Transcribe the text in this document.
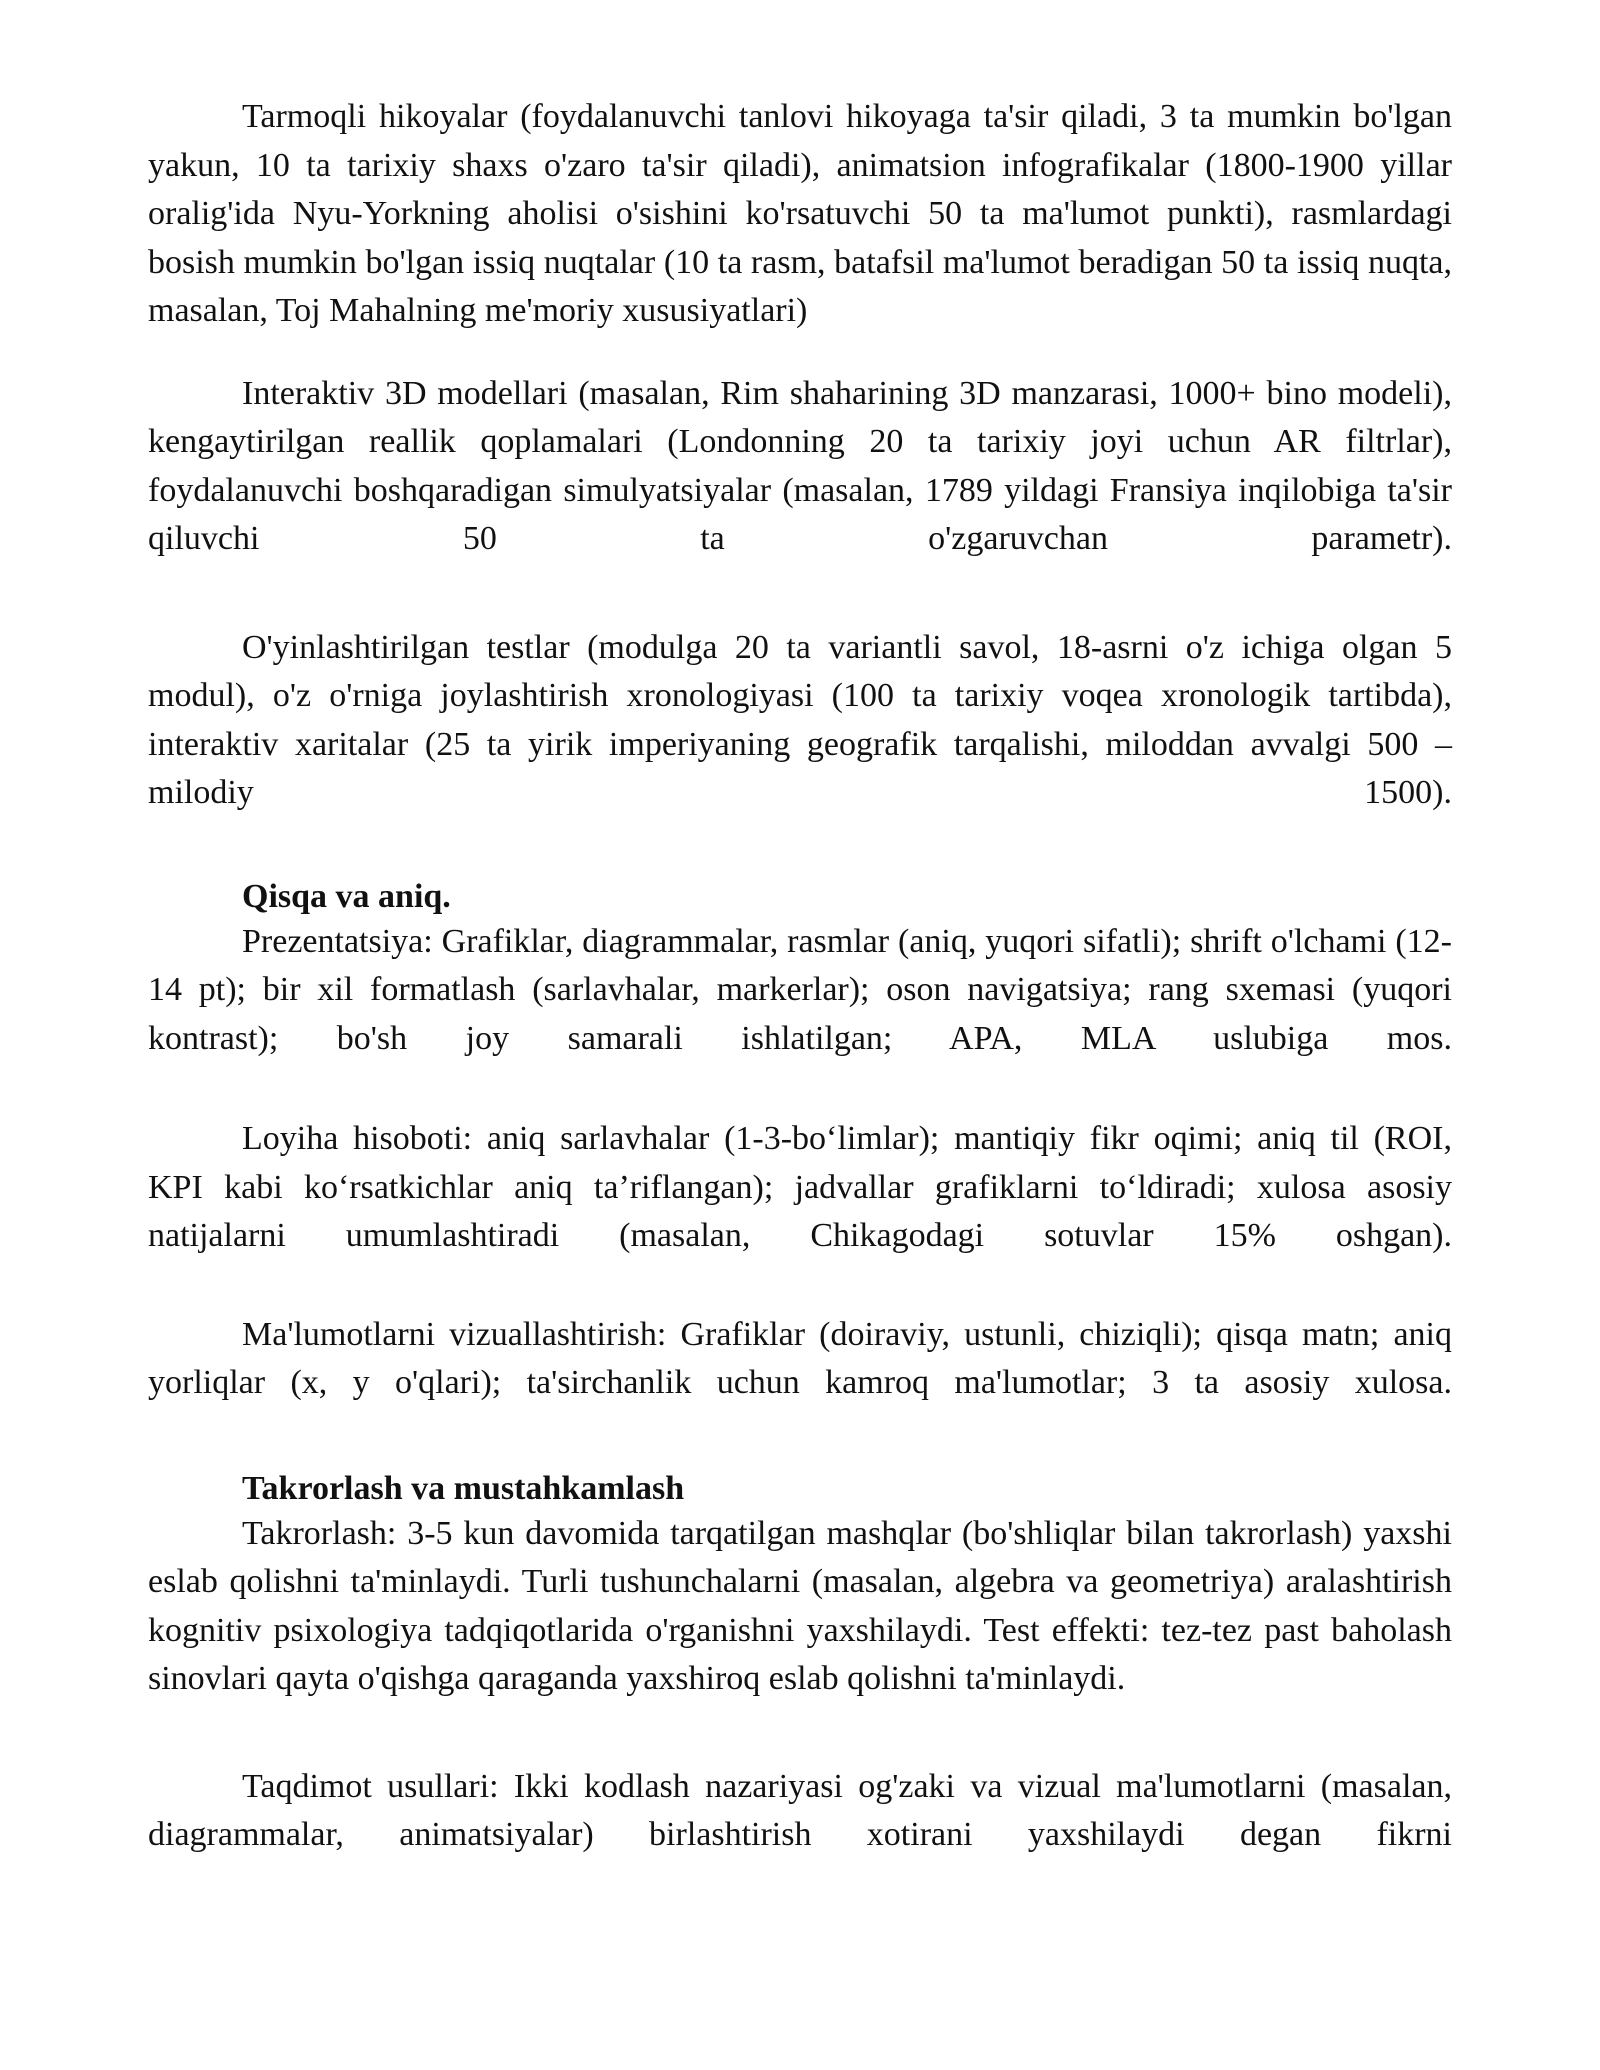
Tarmoqli hikoyalar (foydalanuvchi tanlovi hikoyaga ta'sir qiladi, 3 ta mumkin bo'lgan yakun, 10 ta tarixiy shaxs o'zaro ta'sir qiladi), animatsion infografikalar (1800-1900 yillar oralig'ida Nyu-Yorkning aholisi o'sishini ko'rsatuvchi 50 ta ma'lumot punkti), rasmlardagi bosish mumkin bo'lgan issiq nuqtalar (10 ta rasm, batafsil ma'lumot beradigan 50 ta issiq nuqta, masalan, Toj Mahalning me'moriy xususiyatlari)

Interaktiv 3D modellari (masalan, Rim shaharining 3D manzarasi, 1000+ bino modeli), kengaytirilgan reallik qoplamalari (Londonning 20 ta tarixiy joyi uchun AR filtrlar), foydalanuvchi boshqaradigan simulyatsiyalar (masalan, 1789 yildagi Fransiya inqilobiga ta'sir qiluvchi 50 ta o'zgaruvchan parametr).

O'yinlashtirilgan testlar (modulga 20 ta variantli savol, 18-asrni o'z ichiga olgan 5 modul), o'z o'rniga joylashtirish xronologiyasi (100 ta tarixiy voqea xronologik tartibda), interaktiv xaritalar (25 ta yirik imperiyaning geografik tarqalishi, miloddan avvalgi 500 – milodiy 1500).

Qisqa va aniq.

Prezentatsiya: Grafiklar, diagrammalar, rasmlar (aniq, yuqori sifatli); shrift o'lchami (12-14 pt); bir xil formatlash (sarlavhalar, markerlar); oson navigatsiya; rang sxemasi (yuqori kontrast); bo'sh joy samarali ishlatilgan; APA, MLA uslubiga mos.

Loyiha hisoboti: aniq sarlavhalar (1-3-bo‘limlar); mantiqiy fikr oqimi; aniq til (ROI, KPI kabi ko‘rsatkichlar aniq ta’riflangan); jadvallar grafiklarni to‘ldiradi; xulosa asosiy natijalarni umumlashtiradi (masalan, Chikagodagi sotuvlar 15% oshgan).

Ma'lumotlarni vizuallashtirish: Grafiklar (doiraviy, ustunli, chiziqli); qisqa matn; aniq yorliqlar (x, y o'qlari); ta'sirchanlik uchun kamroq ma'lumotlar; 3 ta asosiy xulosa.

Takrorlash va mustahkamlash

Takrorlash: 3-5 kun davomida tarqatilgan mashqlar (bo'shliqlar bilan takrorlash) yaxshi eslab qolishni ta'minlaydi. Turli tushunchalarni (masalan, algebra va geometriya) aralashtirish kognitiv psixologiya tadqiqotlarida o'rganishni yaxshilaydi. Test effekti: tez-tez past baholash sinovlari qayta o'qishga qaraganda yaxshiroq eslab qolishni ta'minlaydi.

Taqdimot usullari: Ikki kodlash nazariyasi og'zaki va vizual ma'lumotlarni (masalan, diagrammalar, animatsiyalar) birlashtirish xotirani yaxshilaydi degan fikrni
